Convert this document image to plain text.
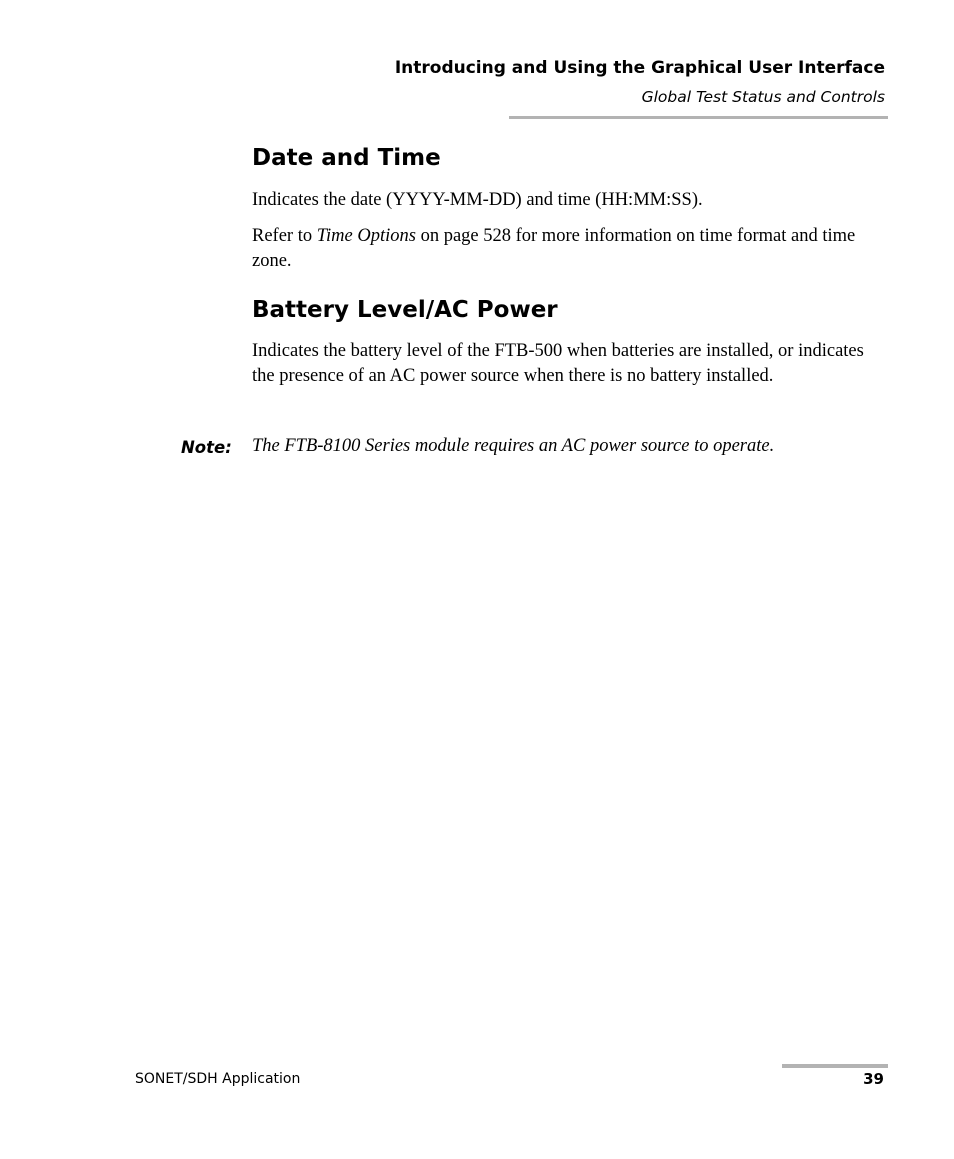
Introducing and Using the Graphical User Interface
Global Test Status and Controls
Date and Time
Indicates the date (YYYY-MM-DD) and time (HH:MM:SS).
Refer to Time Options on page 528 for more information on time format and time zone.
Battery Level/AC Power
Indicates the battery level of the FTB-500 when batteries are installed, or indicates the presence of an AC power source when there is no battery installed.
Note: The FTB-8100 Series module requires an AC power source to operate.
SONET/SDH Application	39
